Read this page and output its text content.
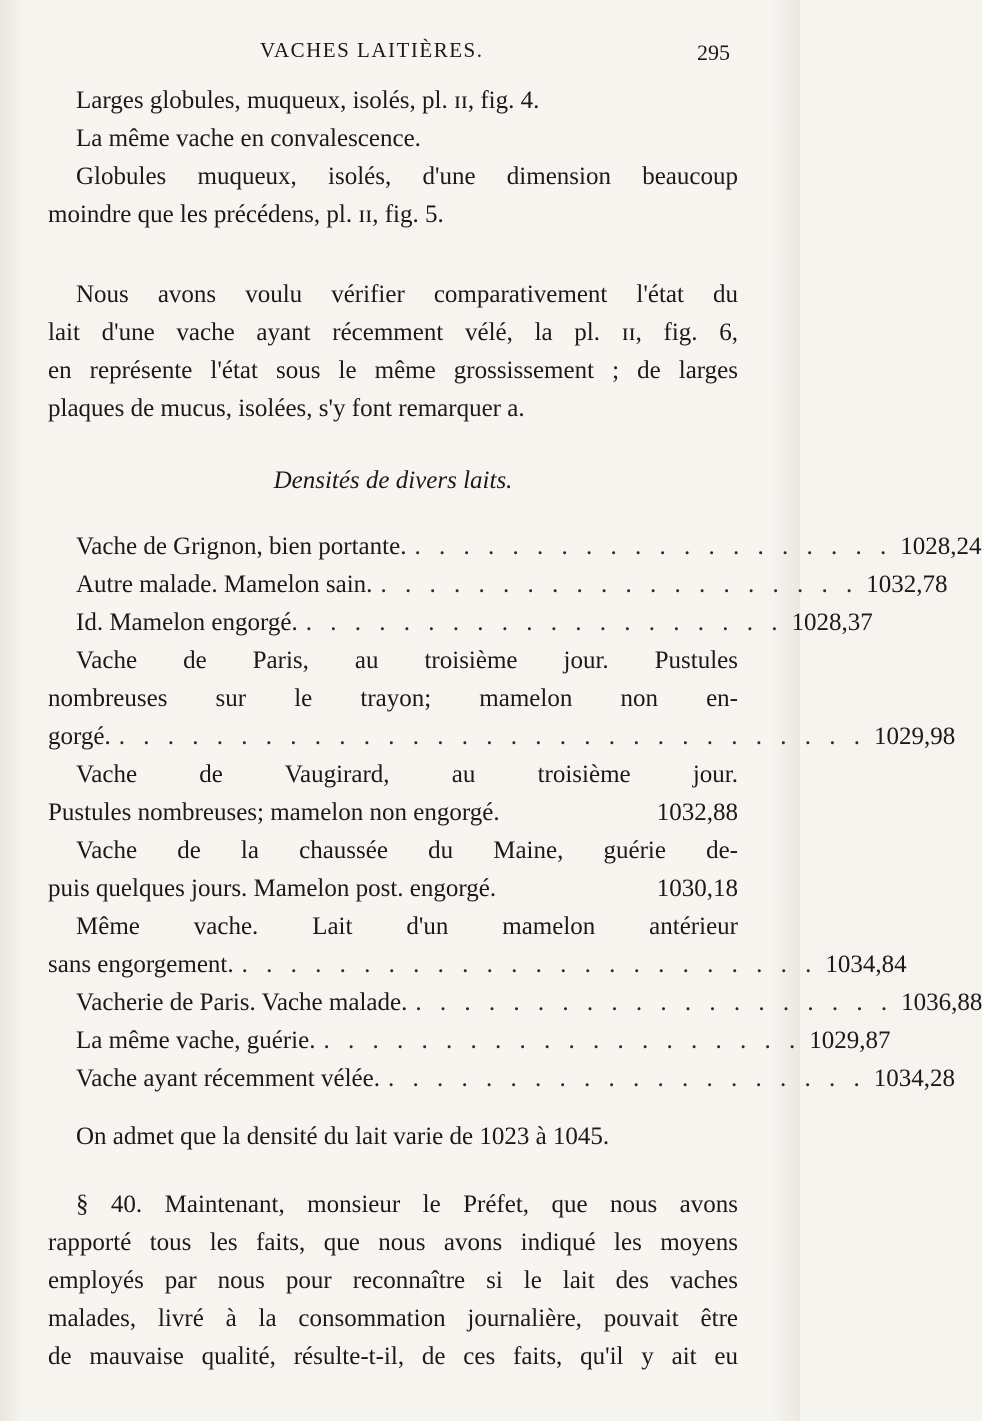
VACHES LAITIÈRES.	295
Larges globules, muqueux, isolés, pl. ɪɪ, fig. 4.
La même vache en convalescence.
Globules muqueux, isolés, d'une dimension beaucoup
moindre que les précédens, pl. ɪɪ, fig. 5.
Nous avons voulu vérifier comparativement l'état du
lait d'une vache ayant récemment vélé, la pl. ɪɪ, fig. 6,
en représente l'état sous le même grossissement ; de larges
plaques de mucus, isolées, s'y font remarquer a.
Densités de divers laits.
Vache de Grignon, bien portante. . . . . . . . . . . . . . . . . . . . . 1028,24
Autre malade. Mamelon sain. . . . . . . . . . . . . . . . . . . . . 1032,78
Id. Mamelon engorgé. . . . . . . . . . . . . . . . . . . . . 1028,37
Vache de Paris, au troisième jour. Pustules
nombreuses sur le trayon; mamelon non en-
gorgé. . . . . . . . . . . . . . . . . . . . . . . . . . . . . . . . 1029,98
Vache de Vaugirard, au troisième jour.
Pustules nombreuses; mamelon non engorgé.	1032,88
Vache de la chaussée du Maine, guérie de-
puis quelques jours. Mamelon post. engorgé.	1030,18
Même vache. Lait d'un mamelon antérieur
sans engorgement. . . . . . . . . . . . . . . . . . . . . . . . . 1034,84
Vacherie de Paris. Vache malade. . . . . . . . . . . . . . . . . . . . . 1036,88
La même vache, guérie. . . . . . . . . . . . . . . . . . . . . 1029,87
Vache ayant récemment vélée. . . . . . . . . . . . . . . . . . . . . 1034,28
On admet que la densité du lait varie de 1023 à 1045.
§ 40. Maintenant, monsieur le Préfet, que nous avons
rapporté tous les faits, que nous avons indiqué les moyens
employés par nous pour reconnaître si le lait des vaches
malades, livré à la consommation journalière, pouvait être
de mauvaise qualité, résulte-t-il, de ces faits, qu'il y ait eu
